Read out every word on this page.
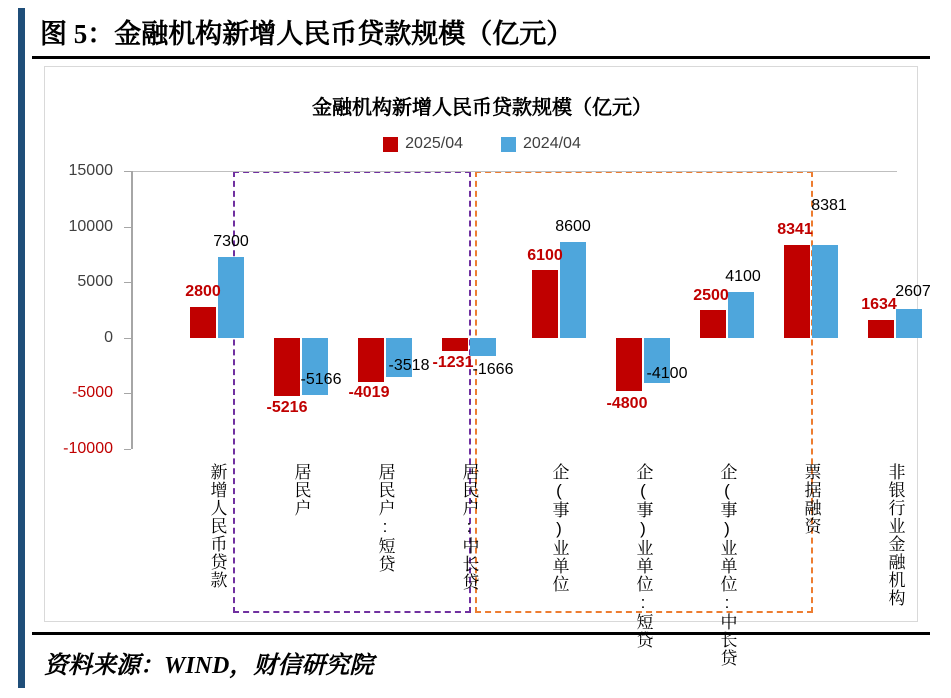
图 5：金融机构新增人民币贷款规模（亿元）
资料来源：WIND，财信研究院
金融机构新增人民币贷款规模（亿元）
2025/04	2024/04
15000
10000
5000
0
-5000
-10000
2800
7300
-5216
-5166
-4019
-3518 -1231 -1666
6100
8600
-4800
-4100
2500
4100
8341
8381
1634
2607
新增人民币贷款	居民户	居民户:短贷	居民户:中长贷	企(事)业单位	企(事)业单位:短贷	企(事)业单位:中长贷	票据融资	非银行业金融机构
